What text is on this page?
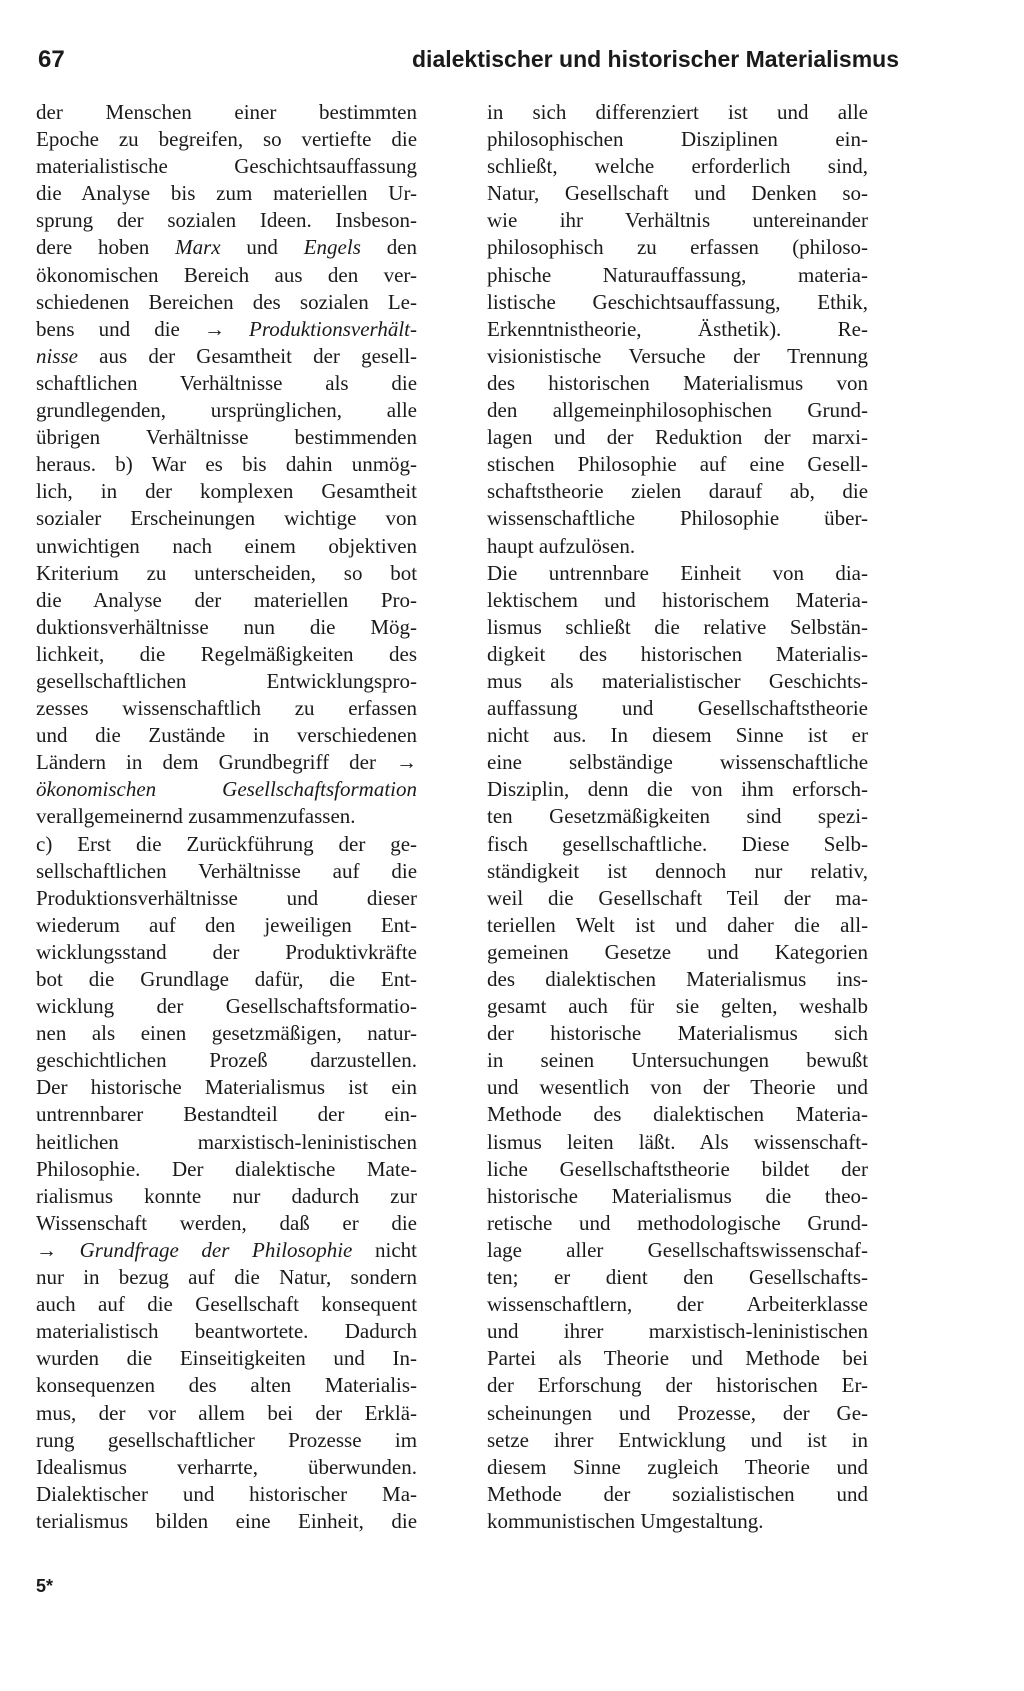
67	dialektischer und historischer Materialismus
der Menschen einer bestimmten
Epoche zu begreifen, so vertiefte die
materialistische	Geschichtsauffassung
die Analyse bis zum materiellen Ur-
sprung der sozialen Ideen. Insbeson-
dere hoben Marx und Engels den
ökonomischen Bereich aus den ver-
schiedenen Bereichen des sozialen Le-
bens und die → Produktionsverhält-
nisse aus der Gesamtheit der gesell-
schaftlichen Verhältnisse als die
grundlegenden, ursprünglichen, alle
übrigen Verhältnisse bestimmenden
heraus. b) War es bis dahin unmög-
lich, in der komplexen Gesamtheit
sozialer Erscheinungen wichtige von
unwichtigen nach einem objektiven
Kriterium zu unterscheiden, so bot
die Analyse der materiellen Pro-
duktionsverhältnisse nun die Mög-
lichkeit, die Regelmäßigkeiten des
gesellschaftlichen	Entwicklungspro-
zesses wissenschaftlich zu erfassen
und die Zustände in verschiedenen
Ländern in dem Grundbegriff der →
ökonomischen	Gesellschaftsformation
verallgemeinernd zusammenzufassen.
c) Erst die Zurückführung der ge-
sellschaftlichen Verhältnisse auf die
Produktionsverhältnisse und dieser
wiederum auf den jeweiligen Ent-
wicklungsstand der Produktivkräfte
bot die Grundlage dafür, die Ent-
wicklung der Gesellschaftsformatio-
nen als einen gesetzmäßigen, natur-
geschichtlichen Prozeß darzustellen.
Der historische Materialismus ist ein
untrennbarer Bestandteil der ein-
heitlichen	marxistisch-leninistischen
Philosophie. Der dialektische Mate-
rialismus konnte nur dadurch zur
Wissenschaft werden, daß er die
→ Grundfrage der Philosophie nicht
nur in bezug auf die Natur, sondern
auch auf die Gesellschaft konsequent
materialistisch beantwortete. Dadurch
wurden die Einseitigkeiten und In-
konsequenzen des alten Materialis-
mus, der vor allem bei der Erklä-
rung gesellschaftlicher Prozesse im
Idealismus verharrte, überwunden.
Dialektischer und historischer Ma-
terialismus bilden eine Einheit, die
in sich differenziert ist und alle
philosophischen	Disziplinen	ein-
schließt, welche erforderlich sind,
Natur, Gesellschaft und Denken so-
wie ihr Verhältnis untereinander
philosophisch zu erfassen (philoso-
phische Naturauffassung, materia-
listische Geschichtsauffassung, Ethik,
Erkenntnistheorie,	Ästhetik).	Re-
visionistische Versuche der Trennung
des historischen Materialismus von
den allgemeinphilosophischen Grund-
lagen und der Reduktion der marxi-
stischen Philosophie auf eine Gesell-
schaftstheorie zielen darauf ab, die
wissenschaftliche Philosophie über-
haupt aufzulösen.
Die untrennbare Einheit von dia-
lektischem und historischem Materia-
lismus schließt die relative Selbstän-
digkeit des historischen Materialis-
mus als materialistischer Geschichts-
auffassung und Gesellschaftstheorie
nicht aus. In diesem Sinne ist er
eine selbständige wissenschaftliche
Disziplin, denn die von ihm erforsch-
ten Gesetzmäßigkeiten sind spezi-
fisch gesellschaftliche. Diese Selb-
ständigkeit ist dennoch nur relativ,
weil die Gesellschaft Teil der ma-
teriellen Welt ist und daher die all-
gemeinen Gesetze und Kategorien
des dialektischen Materialismus ins-
gesamt auch für sie gelten, weshalb
der historische Materialismus sich
in seinen Untersuchungen bewußt
und wesentlich von der Theorie und
Methode des dialektischen Materia-
lismus leiten läßt. Als wissenschaft-
liche Gesellschaftstheorie bildet der
historische Materialismus die theo-
retische und methodologische Grund-
lage aller Gesellschaftswissenschaf-
ten; er dient den Gesellschafts-
wissenschaftlern, der Arbeiterklasse
und ihrer marxistisch-leninistischen
Partei als Theorie und Methode bei
der Erforschung der historischen Er-
scheinungen und Prozesse, der Ge-
setze ihrer Entwicklung und ist in
diesem Sinne zugleich Theorie und
Methode der sozialistischen und
kommunistischen Umgestaltung.
5*
